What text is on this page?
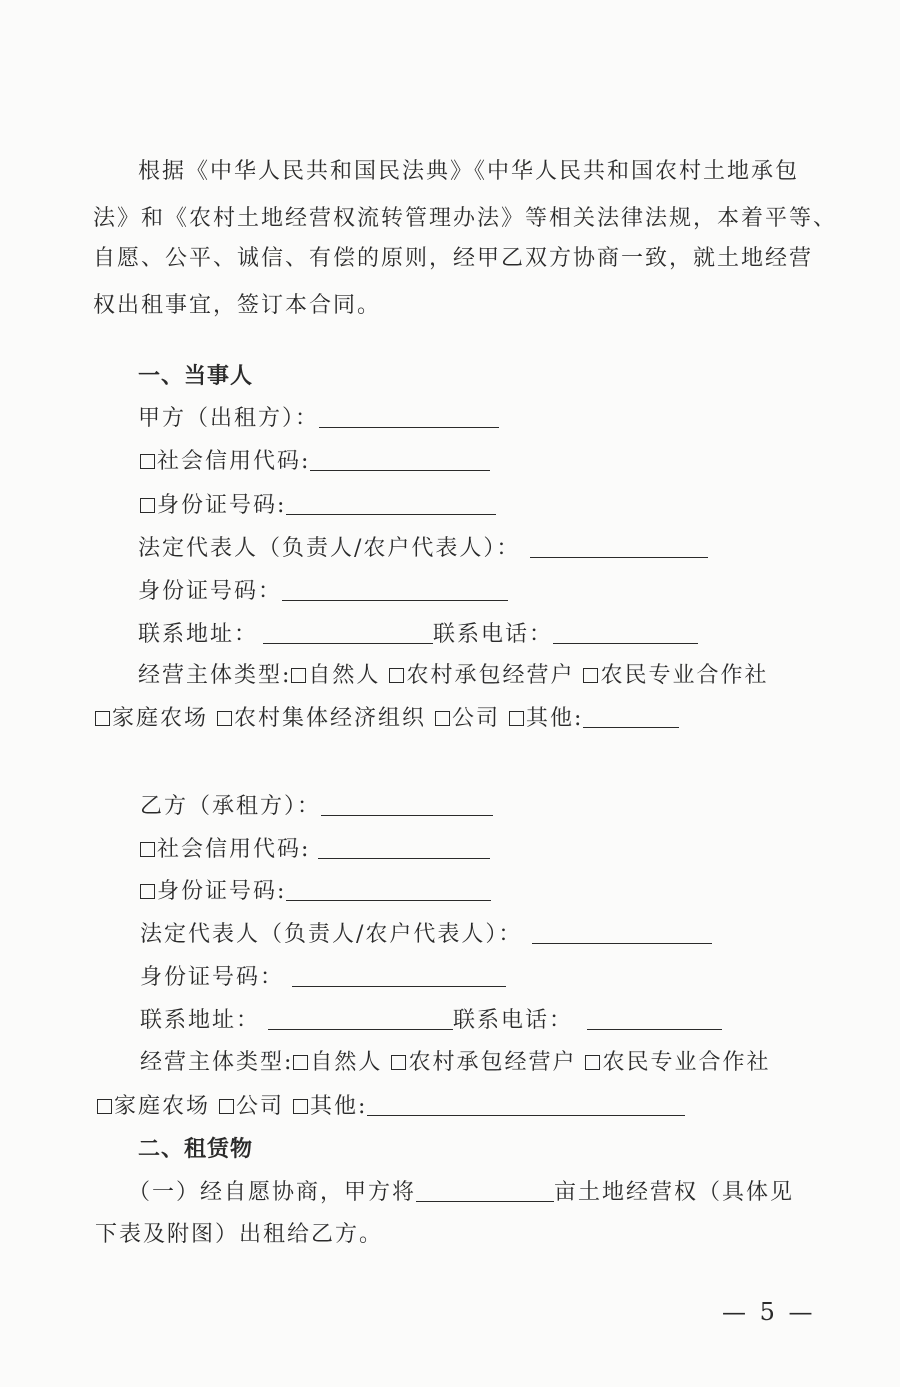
根据《中华人民共和国民法典》《中华人民共和国农村土地承包
法》和《农村土地经营权流转管理办法》等相关法律法规，本着平等、
自愿、公平、诚信、有偿的原则，经甲乙双方协商一致，就土地经营
权出租事宜，签订本合同。
一、当事人
甲方（出租方）：
社会信用代码:
身份证号码:
法定代表人（负责人/农户代表人）：
身份证号码：
联系地址：	联系电话：
经营主体类型: 自然人 农村承包经营户 农民专业合作社
家庭农场 农村集体经济组织 公司 其他:
乙方（承租方）：
社会信用代码:
身份证号码:
法定代表人（负责人/农户代表人）：
身份证号码：
联系地址：	联系电话：
经营主体类型: 自然人 农村承包经营户 农民专业合作社
家庭农场 公司 其他:
二、租赁物
（一）经自愿协商，甲方将	亩土地经营权（具体见
下表及附图）出租给乙方。
— 5 —
